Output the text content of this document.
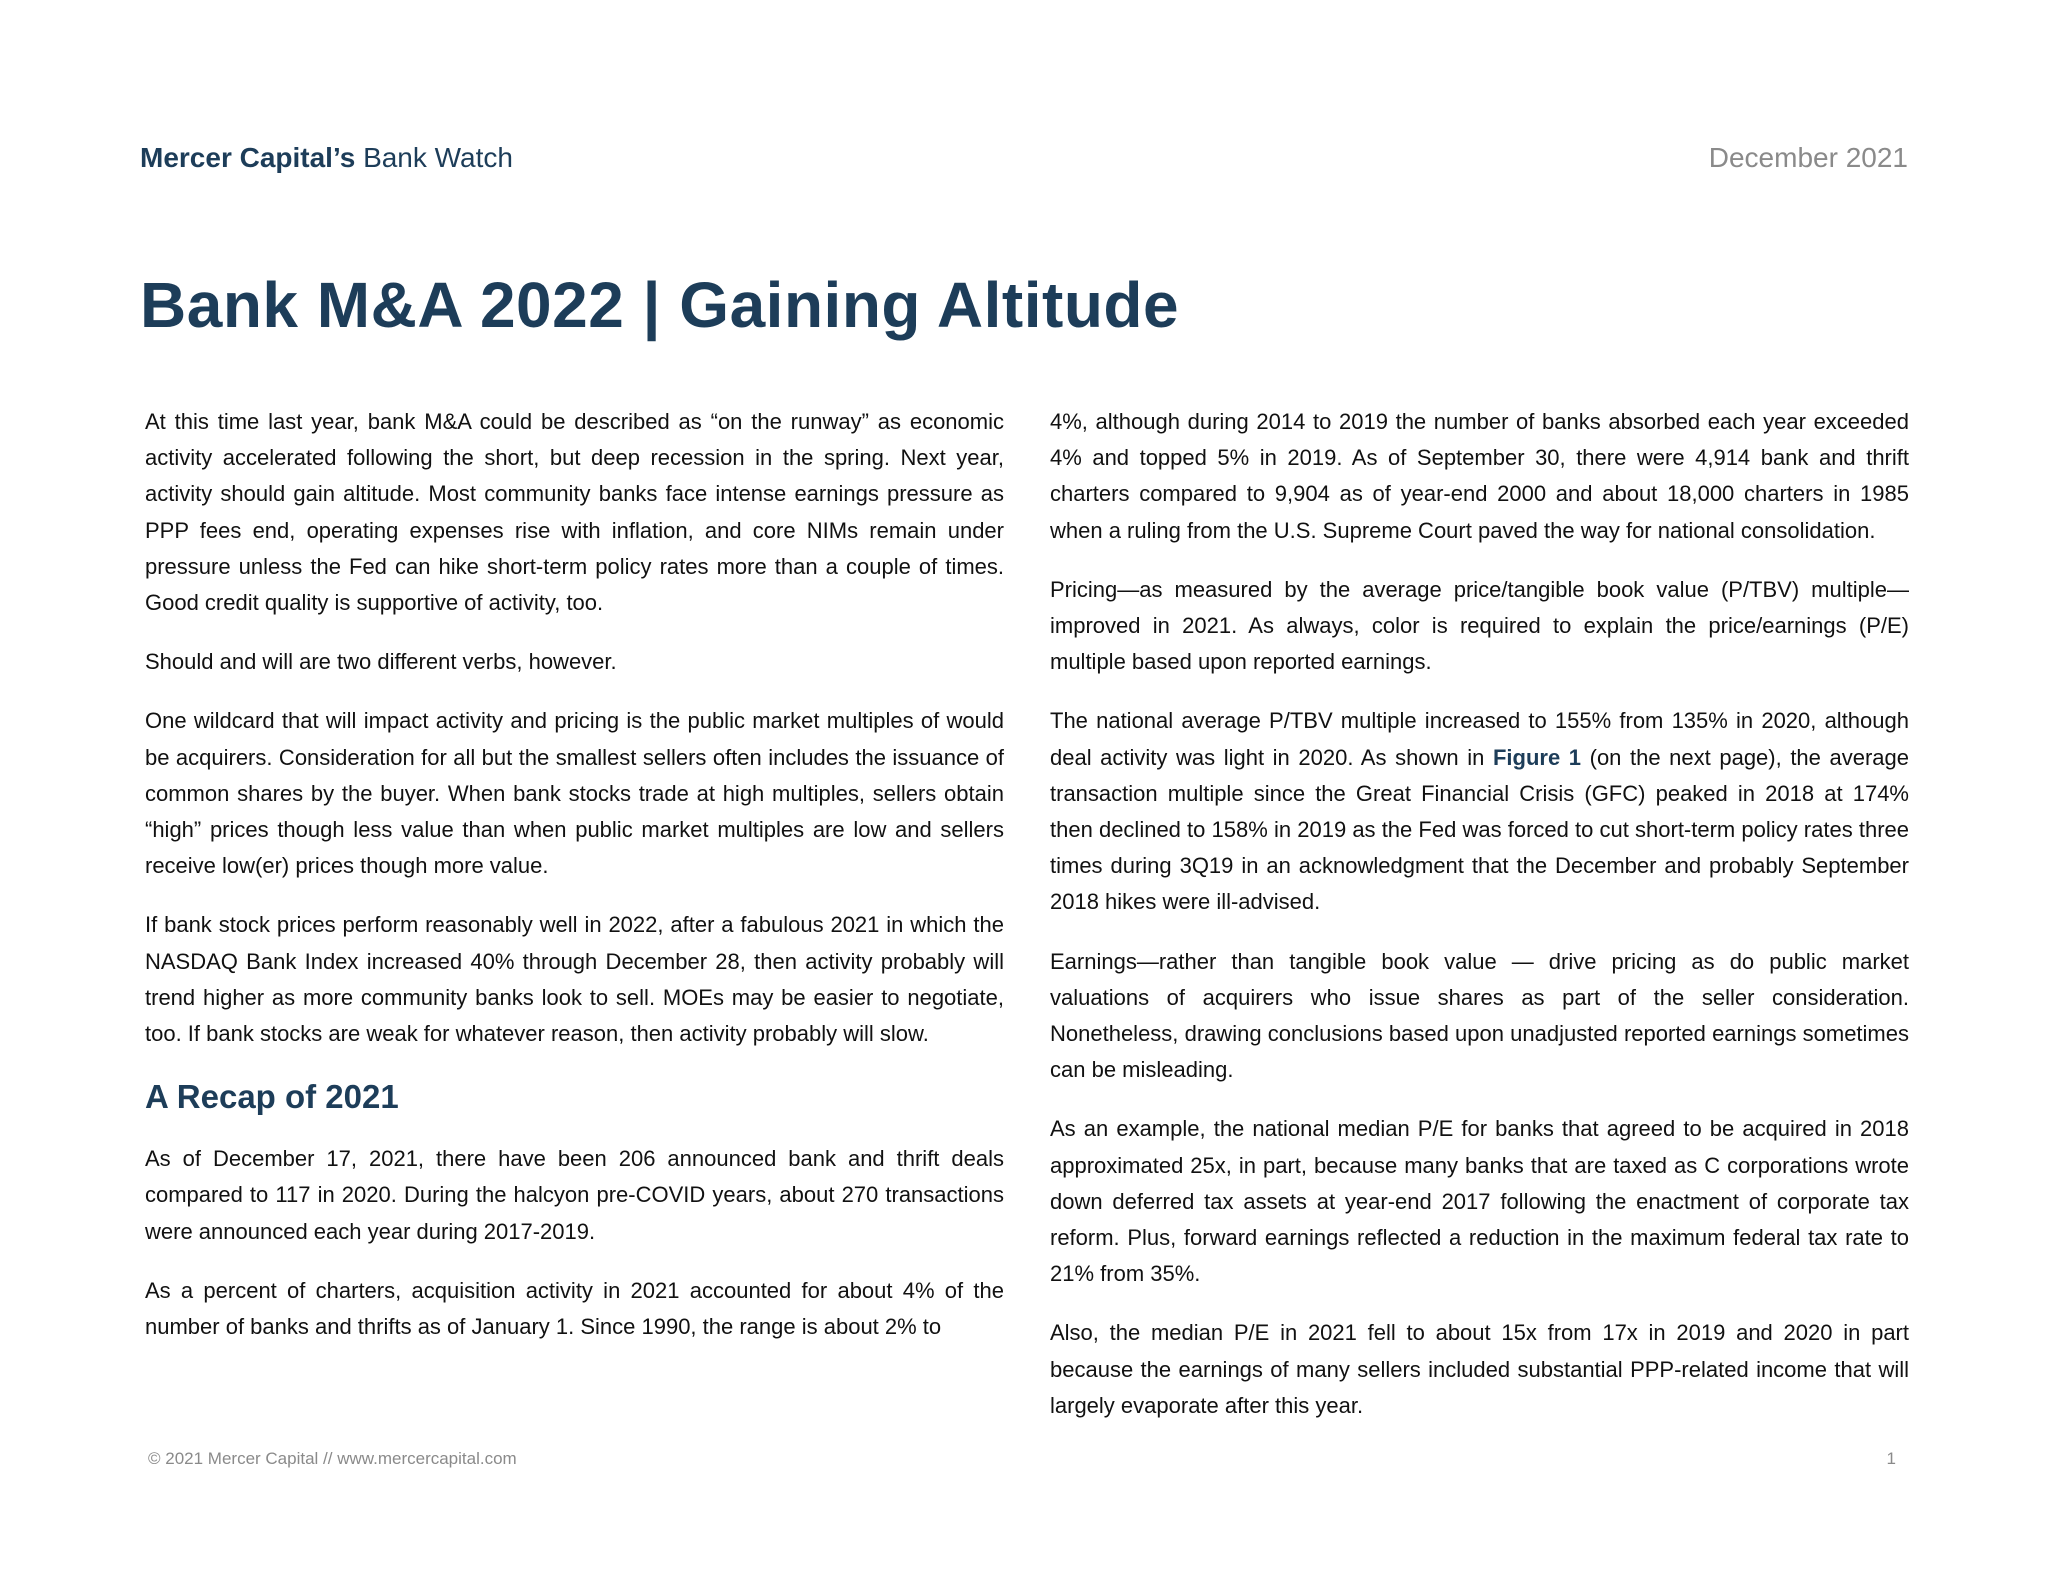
Mercer Capital’s Bank Watch	December 2021
Bank M&A 2022 | Gaining Altitude

At this time last year, bank M&A could be described as “on the runway” as economic activity accelerated following the short, but deep recession in the spring. Next year, activity should gain altitude. Most community banks face intense earnings pressure as PPP fees end, operating expenses rise with inflation, and core NIMs remain under pressure unless the Fed can hike short-term policy rates more than a couple of times. Good credit quality is supportive of activity, too.

Should and will are two different verbs, however.

One wildcard that will impact activity and pricing is the public market multiples of would be acquirers. Consideration for all but the smallest sellers often includes the issuance of common shares by the buyer. When bank stocks trade at high multiples, sellers obtain “high” prices though less value than when public market multiples are low and sellers receive low(er) prices though more value.

If bank stock prices perform reasonably well in 2022, after a fabulous 2021 in which the NASDAQ Bank Index increased 40% through December 28, then activity probably will trend higher as more community banks look to sell. MOEs may be easier to negotiate, too. If bank stocks are weak for whatever reason, then activity probably will slow.

A Recap of 2021

As of December 17, 2021, there have been 206 announced bank and thrift deals compared to 117 in 2020. During the halcyon pre-COVID years, about 270 transactions were announced each year during 2017-2019.

As a percent of charters, acquisition activity in 2021 accounted for about 4% of the number of banks and thrifts as of January 1. Since 1990, the range is about 2% to

4%, although during 2014 to 2019 the number of banks absorbed each year exceeded 4% and topped 5% in 2019. As of September 30, there were 4,914 bank and thrift charters compared to 9,904 as of year-end 2000 and about 18,000 charters in 1985 when a ruling from the U.S. Supreme Court paved the way for national consolidation.

Pricing—as measured by the average price/tangible book value (P/TBV) multiple—improved in 2021. As always, color is required to explain the price/earnings (P/E) multiple based upon reported earnings.

The national average P/TBV multiple increased to 155% from 135% in 2020, although deal activity was light in 2020. As shown in Figure 1 (on the next page), the average transaction multiple since the Great Financial Crisis (GFC) peaked in 2018 at 174% then declined to 158% in 2019 as the Fed was forced to cut short-term policy rates three times during 3Q19 in an acknowledgment that the December and probably September 2018 hikes were ill-advised.

Earnings—rather than tangible book value — drive pricing as do public market valuations of acquirers who issue shares as part of the seller consideration. Nonetheless, drawing conclusions based upon unadjusted reported earnings sometimes can be misleading.

As an example, the national median P/E for banks that agreed to be acquired in 2018 approximated 25x, in part, because many banks that are taxed as C corporations wrote down deferred tax assets at year-end 2017 following the enactment of corporate tax reform. Plus, forward earnings reflected a reduction in the maximum federal tax rate to 21% from 35%.

Also, the median P/E in 2021 fell to about 15x from 17x in 2019 and 2020 in part because the earnings of many sellers included substantial PPP-related income that will largely evaporate after this year.

© 2021 Mercer Capital // www.mercercapital.com	1
